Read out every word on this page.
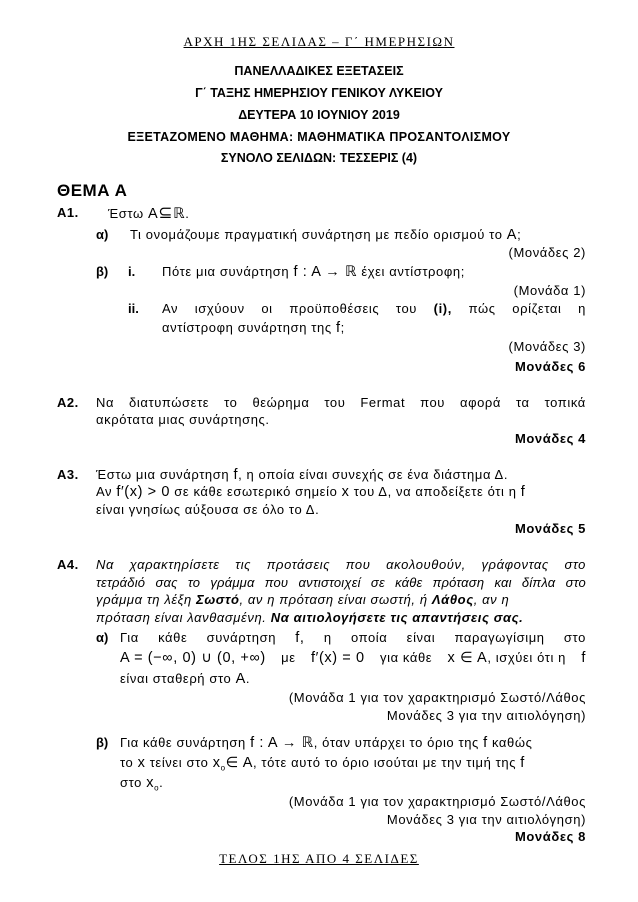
ΑΡΧΗ 1ΗΣ ΣΕΛΙΔΑΣ – Γ΄ ΗΜΕΡΗΣΙΩΝ
ΠΑΝΕΛΛΑΔΙΚΕΣ ΕΞΕΤΑΣΕΙΣ
Γ΄ ΤΑΞΗΣ ΗΜΕΡΗΣΙΟΥ ΓΕΝΙΚΟΥ ΛΥΚΕΙΟΥ
ΔΕΥΤΕΡΑ 10 ΙΟΥΝΙΟΥ 2019
ΕΞΕΤΑΖΟΜΕΝΟ ΜΑΘΗΜΑ: ΜΑΘΗΜΑΤΙΚΑ ΠΡΟΣΑΝΤΟΛΙΣΜΟΥ
ΣΥΝΟΛΟ ΣΕΛΙΔΩΝ: ΤΕΣΣΕΡΙΣ (4)
ΘΕΜΑ Α
Α1. Έστω A⊆ℝ.
α) Τι ονομάζουμε πραγματική συνάρτηση με πεδίο ορισμού το A;
(Μονάδες 2)
β) i. Πότε μια συνάρτηση f : A → ℝ έχει αντίστροφη;
(Μονάδα 1)
ii. Αν ισχύουν οι προϋποθέσεις του (i), πώς ορίζεται η
αντίστροφη συνάρτηση της f;
(Μονάδες 3)
Μονάδες 6
Α2. Να διατυπώσετε το θεώρημα του Fermat που αφορά τα τοπικά
ακρότατα μιας συνάρτησης.
Μονάδες 4
Α3. Έστω μια συνάρτηση f, η οποία είναι συνεχής σε ένα διάστημα Δ.
Αν f′(x) > 0 σε κάθε εσωτερικό σημείο x του Δ, να αποδείξετε ότι η f
είναι γνησίως αύξουσα σε όλο το Δ.
Μονάδες 5
Α4. Να χαρακτηρίσετε τις προτάσεις που ακολουθούν, γράφοντας στο
τετράδιό σας το γράμμα που αντιστοιχεί σε κάθε πρόταση και δίπλα στο
γράμμα τη λέξη Σωστό, αν η πρόταση είναι σωστή, ή Λάθος, αν η
πρόταση είναι λανθασμένη. Να αιτιολογήσετε τις απαντήσεις σας.
α) Για κάθε συνάρτηση f, η οποία είναι παραγωγίσιμη στο
A = (−∞, 0) ∪ (0, +∞) με f′(x) = 0 για κάθε x ∈ A, ισχύει ότι η f
είναι σταθερή στο A.
(Μονάδα 1 για τον χαρακτηρισμό Σωστό/Λάθος
Μονάδες 3 για την αιτιολόγηση)
β) Για κάθε συνάρτηση f : A → ℝ, όταν υπάρχει το όριο της f καθώς
το x τείνει στο $x_o\in$ A, τότε αυτό το όριο ισούται με την τιμή της f
στο $x_o$.
(Μονάδα 1 για τον χαρακτηρισμό Σωστό/Λάθος
Μονάδες 3 για την αιτιολόγηση)
Μονάδες 8
ΤΕΛΟΣ 1ΗΣ ΑΠΟ 4 ΣΕΛΙΔΕΣ
